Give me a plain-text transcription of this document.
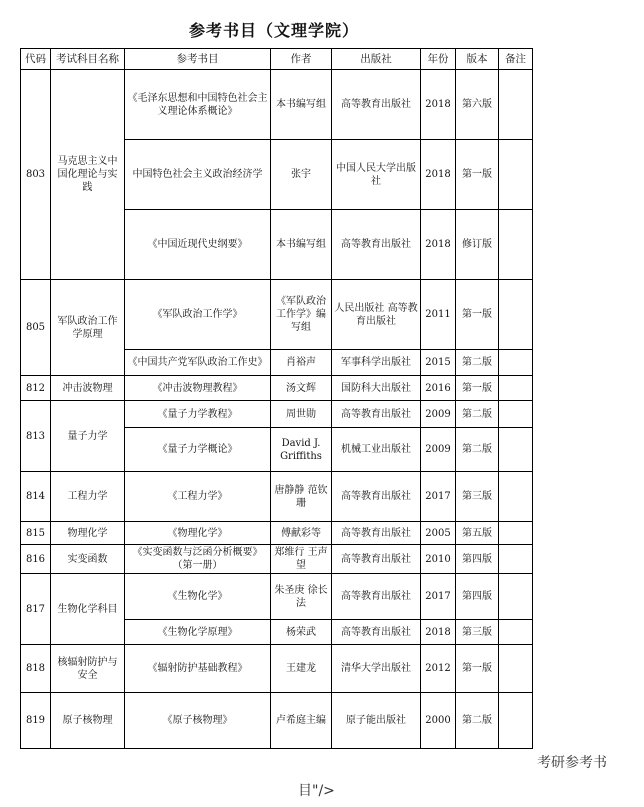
参考书目（文理学院）
代码	考试科目名称	参考书目	作者	出版社	年份	版本	备注
803	马克思主义中国化理论与实践	《毛泽东思想和中国特色社会主义理论体系概论》	本书编写组	高等教育出版社	2018	第六版	
		中国特色社会主义政治经济学	张宇	中国人民大学出版社	2018	第一版	
		《中国近现代史纲要》	本书编写组	高等教育出版社	2018	修订版	
805	军队政治工作学原理	《军队政治工作学》	《军队政治工作学》编写组	人民出版社 高等教育出版社	2011	第一版	
		《中国共产党军队政治工作史》	肖裕声	军事科学出版社	2015	第二版	
812	冲击波物理	《冲击波物理教程》	汤文辉	国防科大出版社	2016	第一版	
813	量子力学	《量子力学教程》	周世勋	高等教育出版社	2009	第二版	
		《量子力学概论》	David J. Griffiths	机械工业出版社	2009	第二版	
814	工程力学	《工程力学》	唐静静 范钦珊	高等教育出版社	2017	第三版	
815	物理化学	《物理化学》	傅献彩等	高等教育出版社	2005	第五版	
816	实变函数	《实变函数与泛函分析概要》（第一册）	郑维行 王声望	高等教育出版社	2010	第四版	
817	生物化学科目	《生物化学》	朱圣庚 徐长法	高等教育出版社	2017	第四版	
		《生物化学原理》	杨荣武	高等教育出版社	2018	第三版	
818	核辐射防护与安全	《辐射防护基础教程》	王建龙	清华大学出版社	2012	第一版	
819	原子核物理	《原子核物理》	卢希庭主编	原子能出版社	2000	第二版	
考研参考书
目"/>
